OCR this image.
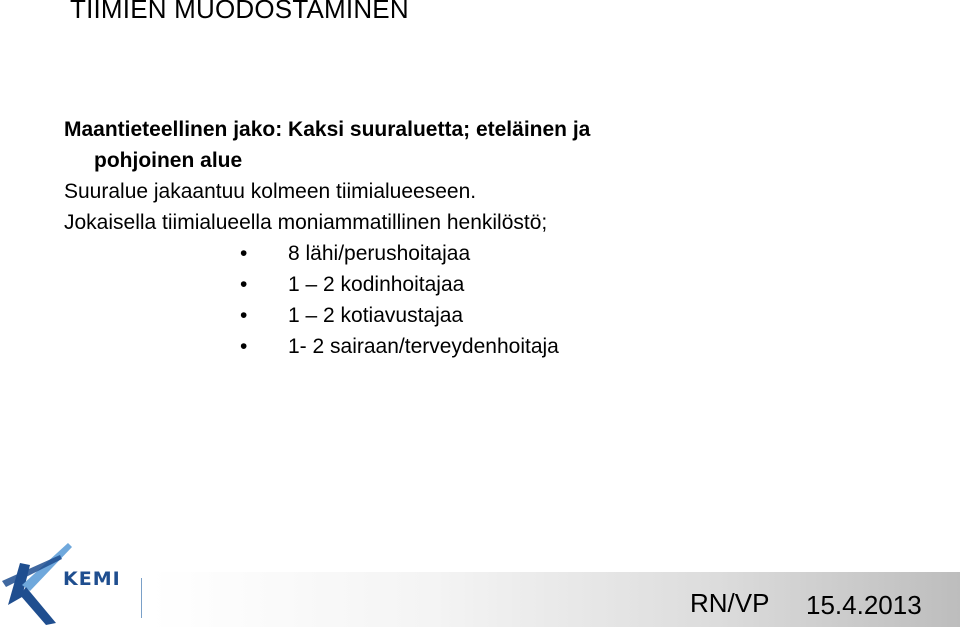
TIIMIEN MUODOSTAMINEN

Maantieteellinen jako: Kaksi suuraluetta; eteläinen ja

pohjoinen alue

Suuralue jakaantuu kolmeen tiimialueeseen.

Jokaisella tiimialueella moniammatillinen henkilöstö;

• 8 lähi/perushoitajaa
• 1 – 2 kodinhoitajaa
• 1 – 2 kotiavustajaa
• 1- 2 sairaan/terveydenhoitaja
KEMI
RN/VP 15.4.2013
